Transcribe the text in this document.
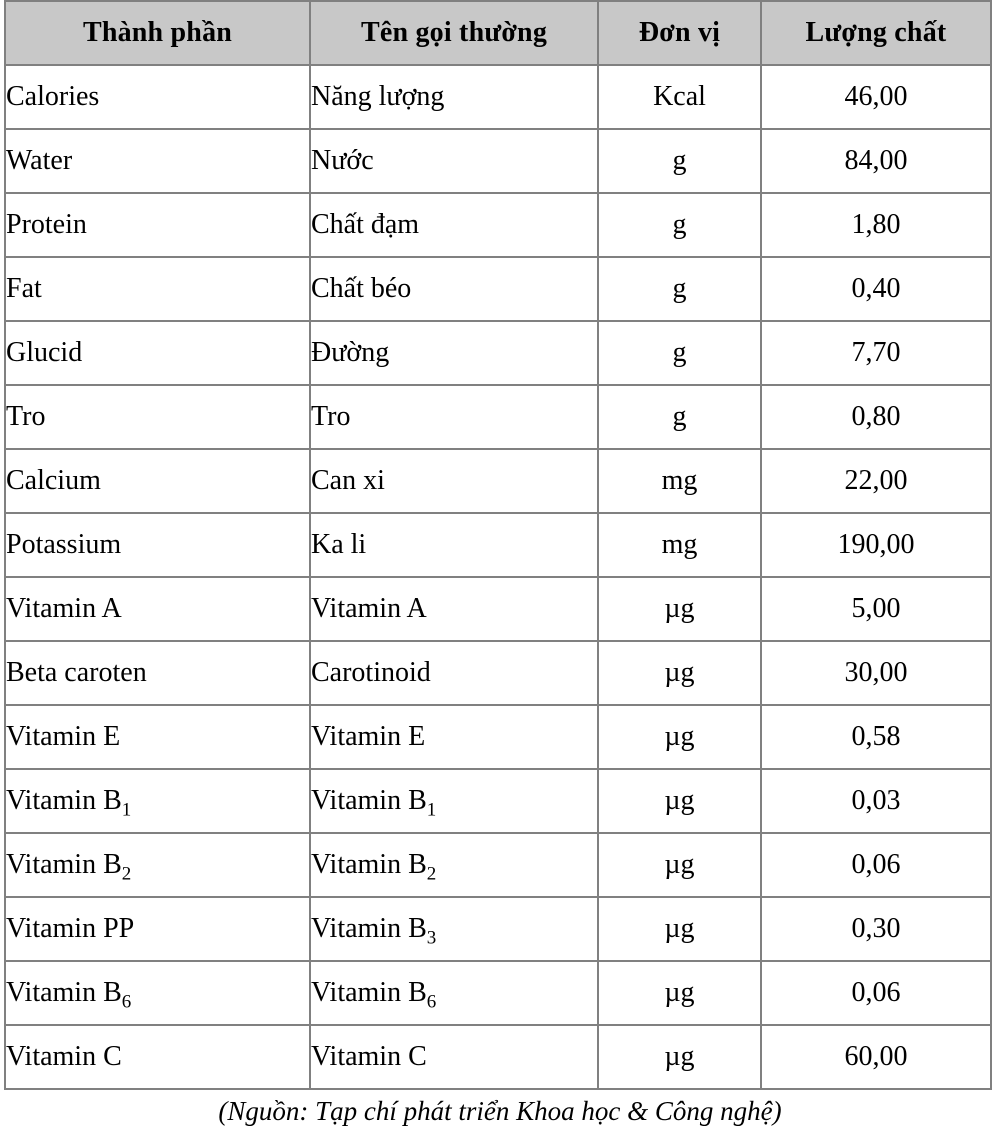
Thành phần	Tên gọi thường	Đơn vị	Lượng chất
Calories	Năng lượng	Kcal	46,00
Water	Nước	g	84,00
Protein	Chất đạm	g	1,80
Fat	Chất béo	g	0,40
Glucid	Đường	g	7,70
Tro	Tro	g	0,80
Calcium	Can xi	mg	22,00
Potassium	Ka li	mg	190,00
Vitamin A	Vitamin A	µg	5,00
Beta caroten	Carotinoid	µg	30,00
Vitamin E	Vitamin E	µg	0,58
Vitamin $B_1$	Vitamin $B_1$	µg	0,03
Vitamin $B_2$	Vitamin $B_2$	µg	0,06
Vitamin PP	Vitamin $B_3$	µg	0,30
Vitamin $B_6$	Vitamin $B_6$	µg	0,06
Vitamin C	Vitamin C	µg	60,00
(Nguồn: Tạp chí phát triển Khoa học & Công nghệ)
